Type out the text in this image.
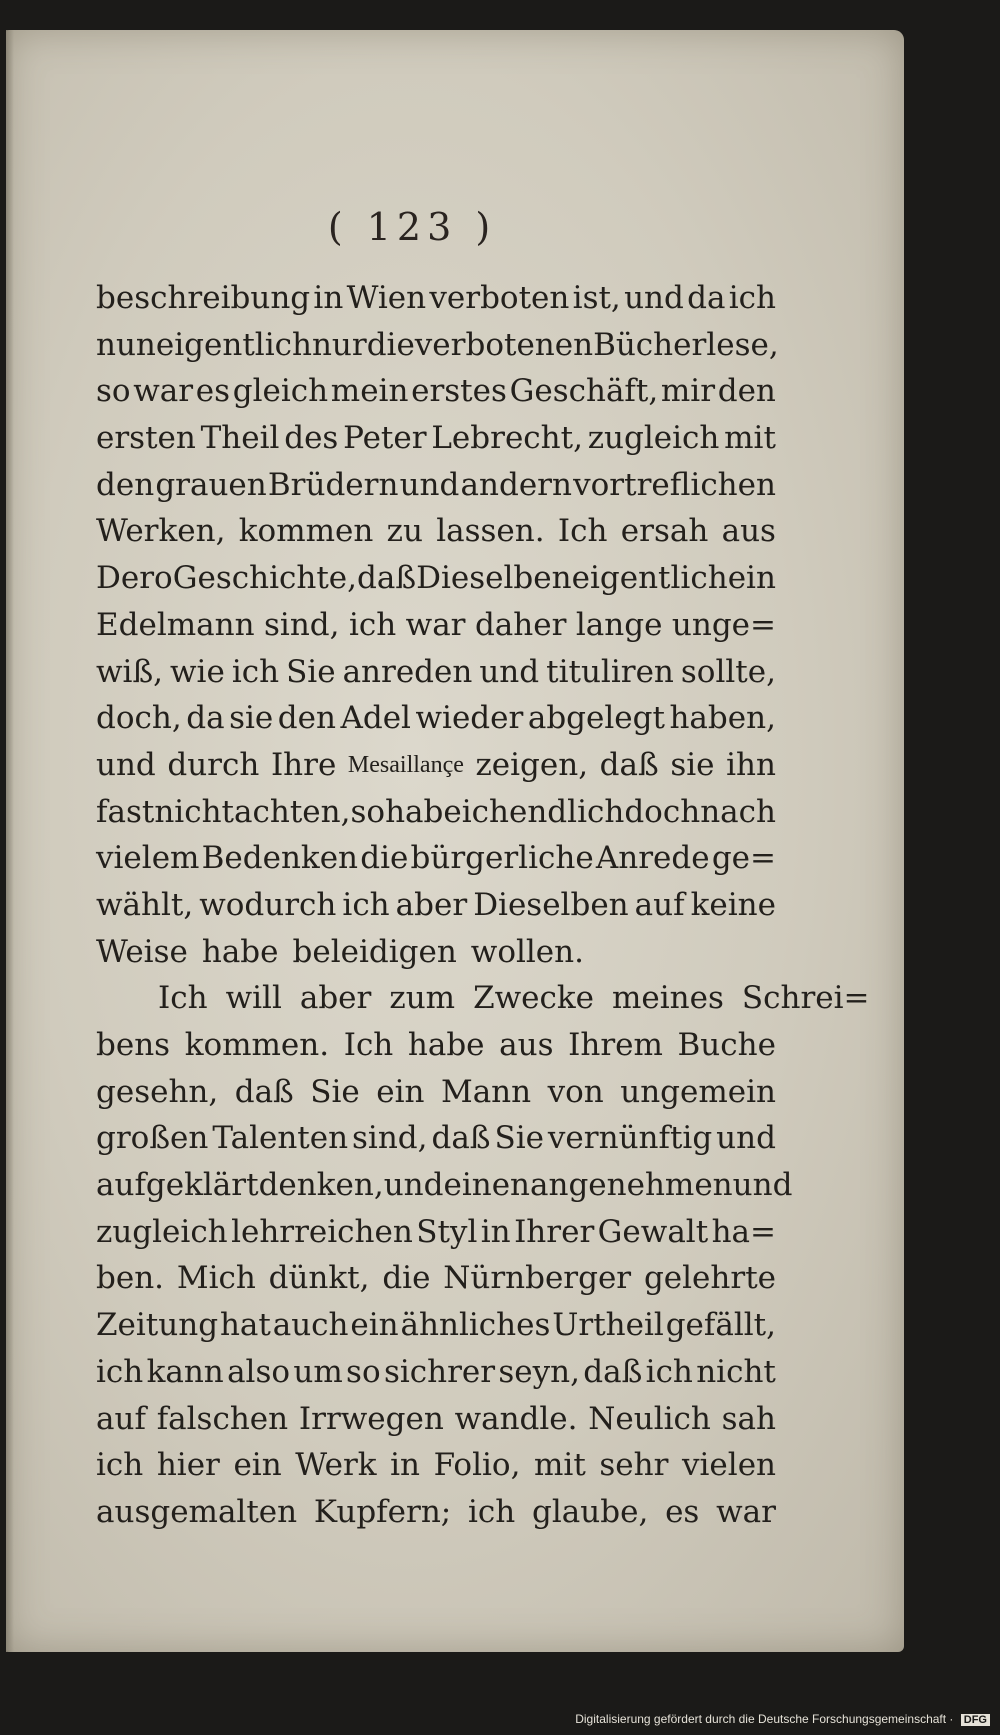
( 123 )
beschreibung in Wien verboten ist, und da ich
nun eigentlich nur die verbotenen Bücher lese,
so war es gleich mein erstes Geschäft, mir den
ersten Theil des Peter Lebrecht, zugleich mit
den grauen Brüdern und andern vortreflichen
Werken, kommen zu lassen. Ich ersah aus
Dero Geschichte, daß Dieselben eigentlich ein
Edelmann sind, ich war daher lange unge=
wiß, wie ich Sie anreden und tituliren sollte,
doch, da sie den Adel wieder abgelegt haben,
und durch Ihre Mesaillançe zeigen, daß sie ihn
fast nicht achten, so habe ich endlich doch nach
vielem Bedenken die bürgerliche Anrede ge=
wählt, wodurch ich aber Dieselben auf keine
Weise habe beleidigen wollen.
Ich will aber zum Zwecke meines Schrei=
bens kommen. Ich habe aus Ihrem Buche
gesehn, daß Sie ein Mann von ungemein
großen Talenten sind, daß Sie vernünftig und
aufgeklärt denken, und einen angenehmen und
zugleich lehrreichen Styl in Ihrer Gewalt ha=
ben. Mich dünkt, die Nürnberger gelehrte
Zeitung hat auch ein ähnliches Urtheil gefällt,
ich kann also um so sichrer seyn, daß ich nicht
auf falschen Irrwegen wandle. Neulich sah
ich hier ein Werk in Folio, mit sehr vielen
ausgemalten Kupfern; ich glaube, es war
Digitalisierung gefördert durch die Deutsche Forschungsgemeinschaft · DFG
